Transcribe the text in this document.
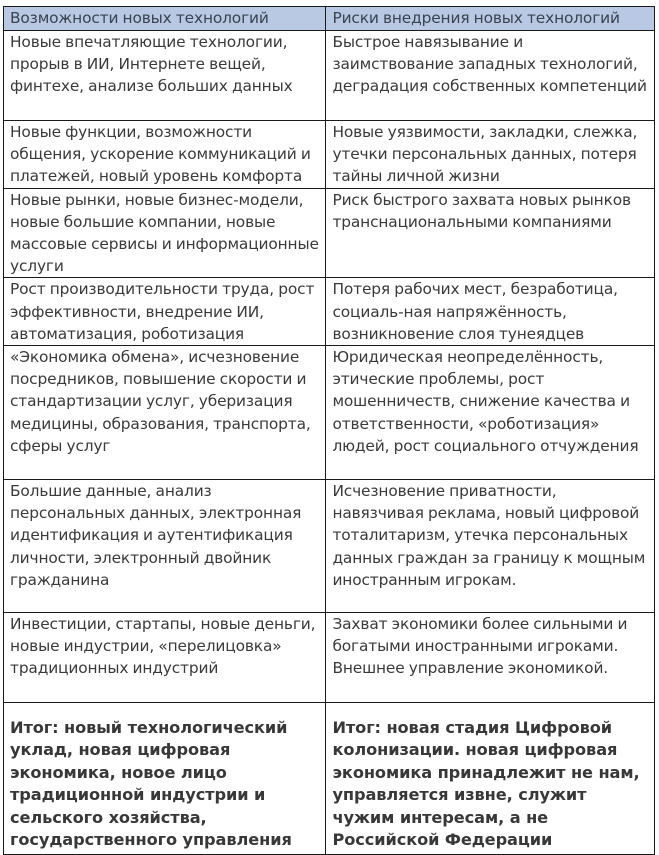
Возможности новых технологий	Риски внедрения новых технологий

Новые впечатляющие технологии, прорыв в ИИ, Интернете вещей, финтехе, анализе больших данных	Быстрое навязывание и заимствование западных технологий, деградация собственных компетенций

Новые функции, возможности общения, ускорение коммуникаций и платежей, новый уровень комфорта	Новые уязвимости, закладки, слежка, утечки персональных данных, потеря тайны личной жизни

Новые рынки, новые бизнес-модели, новые большие компании, новые массовые сервисы и информационные услуги	Риск быстрого захвата новых рынков транснациональными компаниями

Рост производительности труда, рост эффективности, внедрение ИИ, автоматизация, роботизация	Потеря рабочих мест, безработица, социаль-ная напряжённость, возникновение слоя тунеядцев

«Экономика обмена», исчезновение посредников, повышение скорости и стандартизации услуг, уберизация медицины, образования, транспорта, сферы услуг	Юридическая неопределённость, этические проблемы, рост мошенничеств, снижение качества и ответственности, «роботизация» людей, рост социального отчуждения

Большие данные, анализ персональных данных, электронная идентификация и аутентификация личности, электронный двойник гражданина	Исчезновение приватности, навязчивая реклама, новый цифровой тоталитаризм, утечка персональных данных граждан за границу к мощным иностранным игрокам.

Инвестиции, стартапы, новые деньги, новые индустрии, «перелицовка» традиционных индустрий	Захват экономики более сильными и богатыми иностранными игроками. Внешнее управление экономикой.

Итог: новый технологический уклад, новая цифровая экономика, новое лицо традиционной индустрии и сельского хозяйства, государственного управления	Итог: новая стадия Цифровой колонизации. новая цифровая экономика принадлежит не нам, управляется извне, служит чужим интересам, а не Российской Федерации
